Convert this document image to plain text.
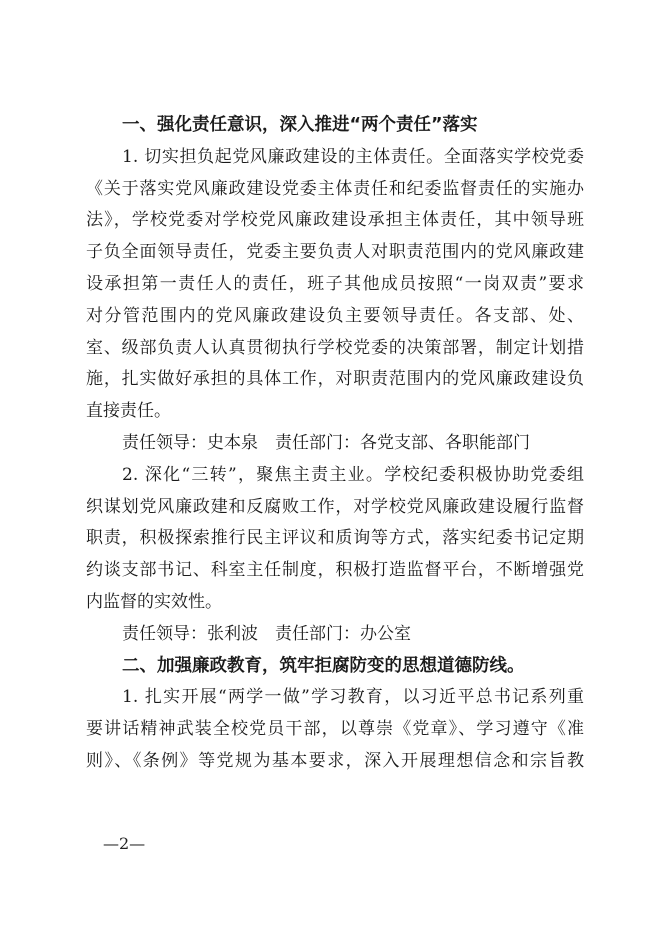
一、强化责任意识，深入推进“两个责任”落实
1. 切实担负起党风廉政建设的主体责任。全面落实学校党委
《关于落实党风廉政建设党委主体责任和纪委监督责任的实施办
法》，学校党委对学校党风廉政建设承担主体责任，其中领导班
子负全面领导责任，党委主要负责人对职责范围内的党风廉政建
设承担第一责任人的责任，班子其他成员按照“一岗双责”要求
对分管范围内的党风廉政建设负主要领导责任。各支部、处、
室、级部负责人认真贯彻执行学校党委的决策部署，制定计划措
施，扎实做好承担的具体工作，对职责范围内的党风廉政建设负
直接责任。
责任领导：史本泉　责任部门：各党支部、各职能部门
2. 深化“三转”，聚焦主责主业。学校纪委积极协助党委组
织谋划党风廉政建和反腐败工作，对学校党风廉政建设履行监督
职责，积极探索推行民主评议和质询等方式，落实纪委书记定期
约谈支部书记、科室主任制度，积极打造监督平台，不断增强党
内监督的实效性。
责任领导：张利波　责任部门：办公室
二、加强廉政教育，筑牢拒腐防变的思想道德防线。
1. 扎实开展“两学一做”学习教育，以习近平总书记系列重
要讲话精神武装全校党员干部，以尊崇《党章》、学习遵守《准
则》、《条例》等党规为基本要求，深入开展理想信念和宗旨教
—2—
